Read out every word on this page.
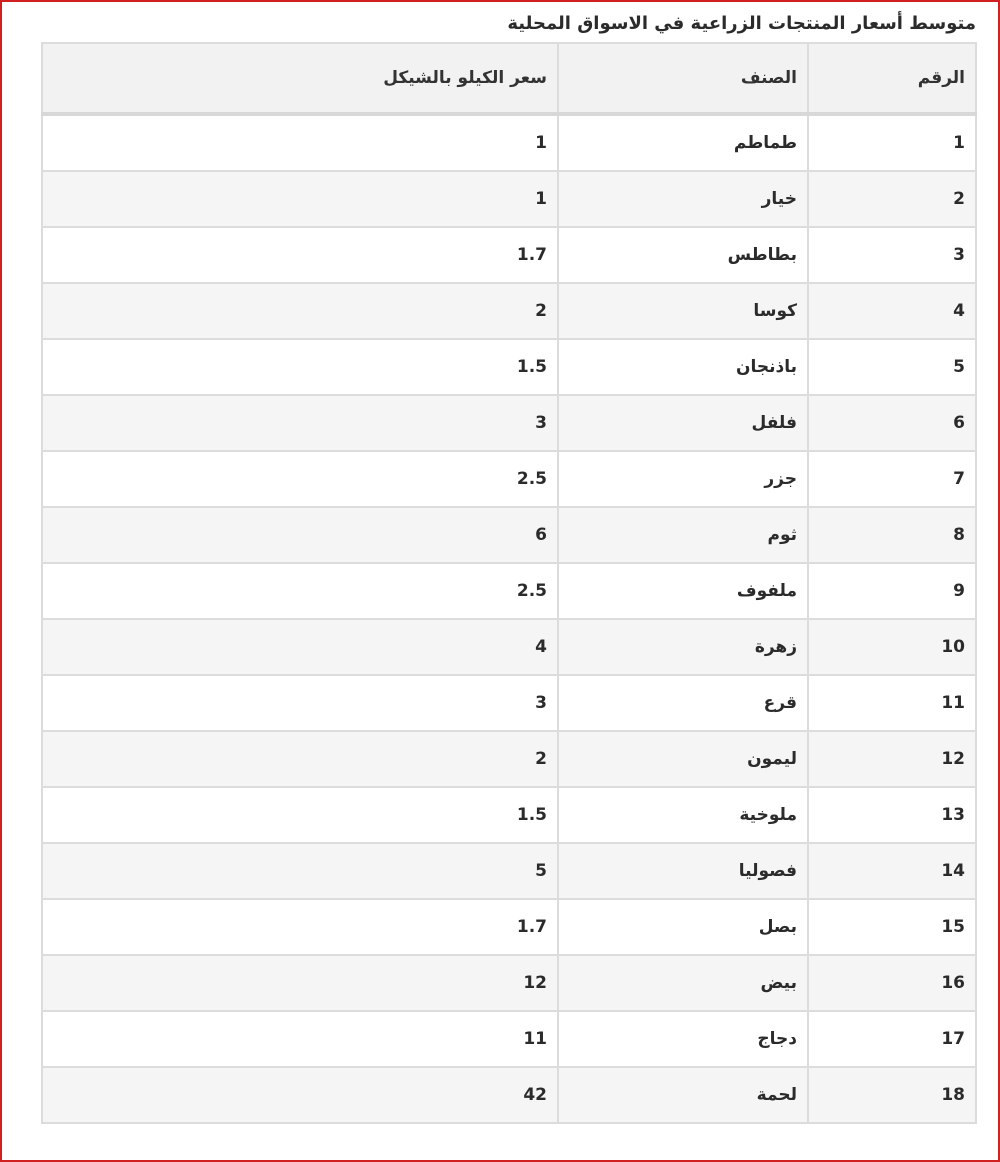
متوسط أسعار المنتجات الزراعية في الاسواق المحلية
الرقم	الصنف	سعر الكيلو بالشيكل
1	طماطم	1
2	خيار	1
3	بطاطس	1.7
4	كوسا	2
5	باذنجان	1.5
6	فلفل	3
7	جزر	2.5
8	ثوم	6
9	ملفوف	2.5
10	زهرة	4
11	قرع	3
12	ليمون	2
13	ملوخية	1.5
14	فصوليا	5
15	بصل	1.7
16	بيض	12
17	دجاج	11
18	لحمة	42
